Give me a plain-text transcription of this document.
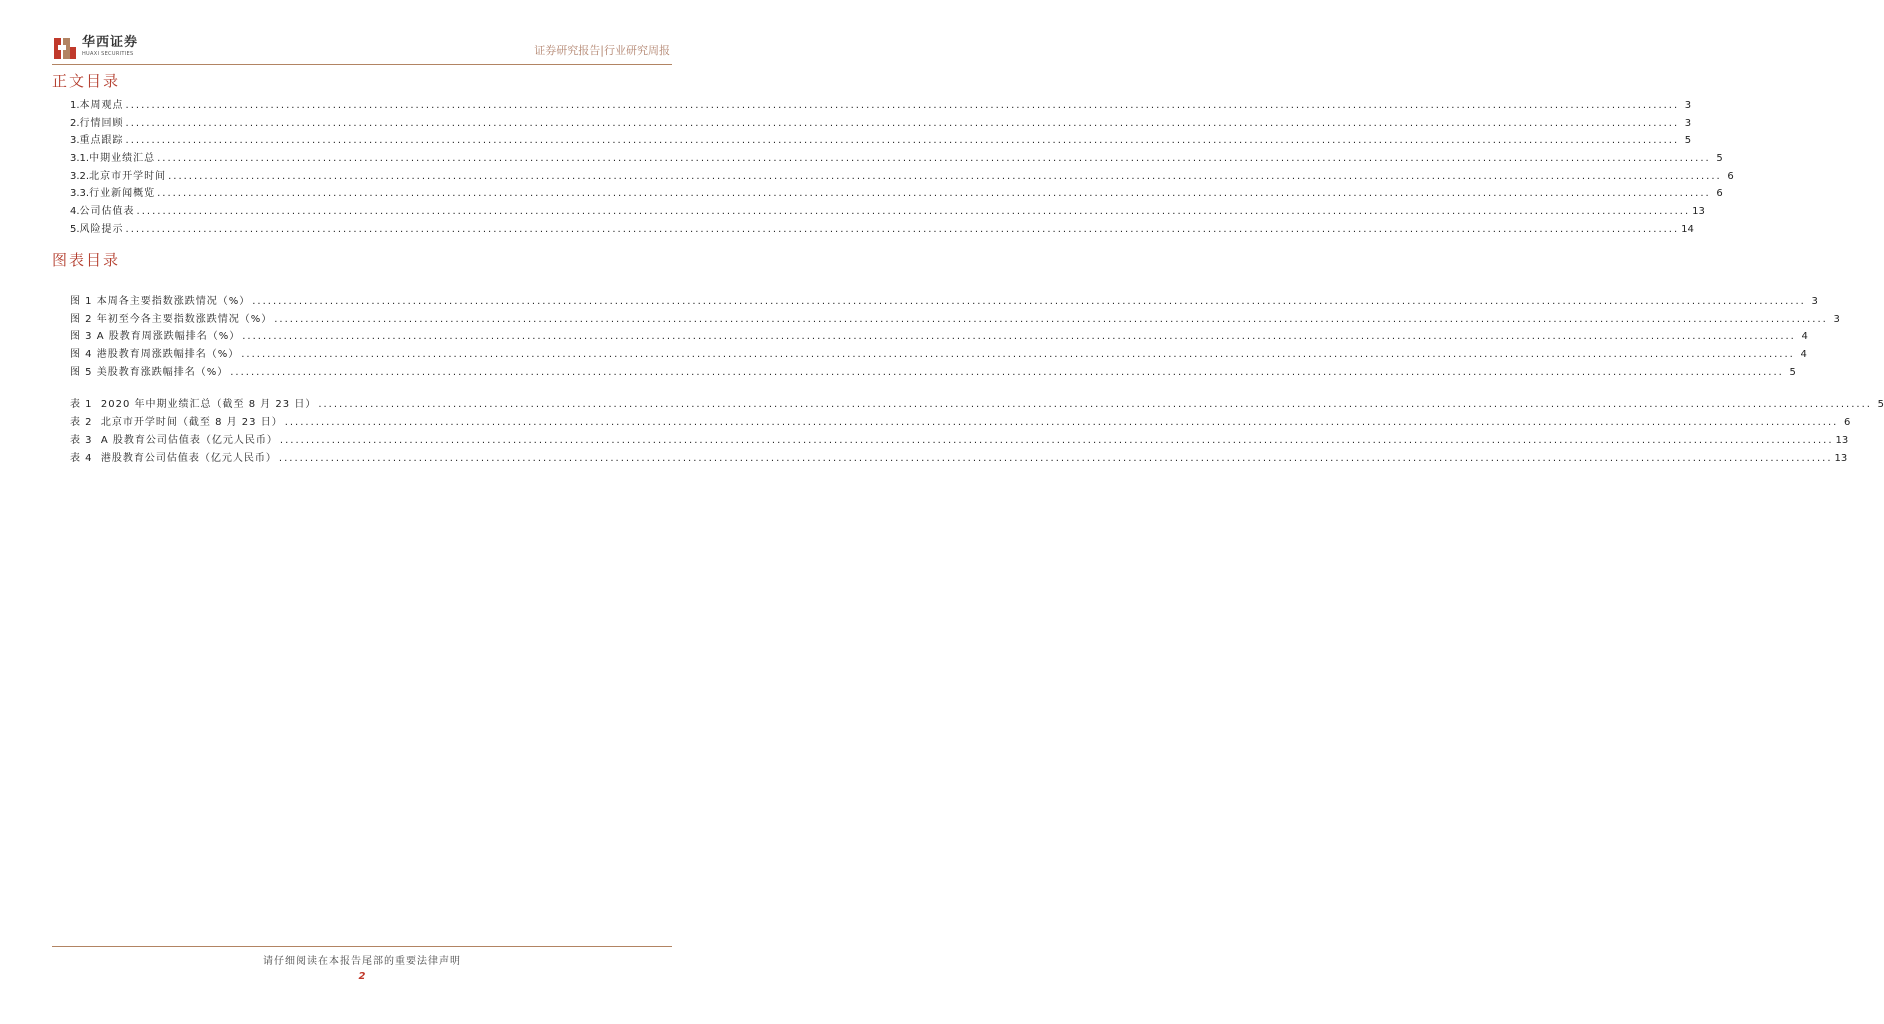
华西证券
HUAXI SECURITIES	证券研究报告|行业研究周报
正文目录
1. 本周观点 ............................................................................................................................................................................................................................................................................................................ 3
2. 行情回顾 ............................................................................................................................................................................................................................................................................................................ 3
3. 重点跟踪 ............................................................................................................................................................................................................................................................................................................ 5
3.1. 中期业绩汇总 ............................................................................................................................................................................................................................................................................................................ 5
3.2. 北京市开学时间 ............................................................................................................................................................................................................................................................................................................ 6
3.3. 行业新闻概览 ............................................................................................................................................................................................................................................................................................................ 6
4. 公司估值表 ............................................................................................................................................................................................................................................................................................................ 13
5. 风险提示 ............................................................................................................................................................................................................................................................................................................ 14
图表目录
图 1 本周各主要指数涨跌情况（%） ............................................................................................................................................................................................................................................................................................................ 3
图 2 年初至今各主要指数涨跌情况（%） ............................................................................................................................................................................................................................................................................................................ 3
图 3 A 股教育周涨跌幅排名（%） ............................................................................................................................................................................................................................................................................................................ 4
图 4 港股教育周涨跌幅排名（%） ............................................................................................................................................................................................................................................................................................................ 4
图 5 美股教育涨跌幅排名（%） ............................................................................................................................................................................................................................................................................................................ 5
表 1  2020 年中期业绩汇总（截至 8 月 23 日） ............................................................................................................................................................................................................................................................................................................ 5
表 2  北京市开学时间（截至 8 月 23 日） ............................................................................................................................................................................................................................................................................................................ 6
表 3  A 股教育公司估值表（亿元人民币） ............................................................................................................................................................................................................................................................................................................ 13
表 4  港股教育公司估值表（亿元人民币） ............................................................................................................................................................................................................................................................................................................ 13
请仔细阅读在本报告尾部的重要法律声明
2
